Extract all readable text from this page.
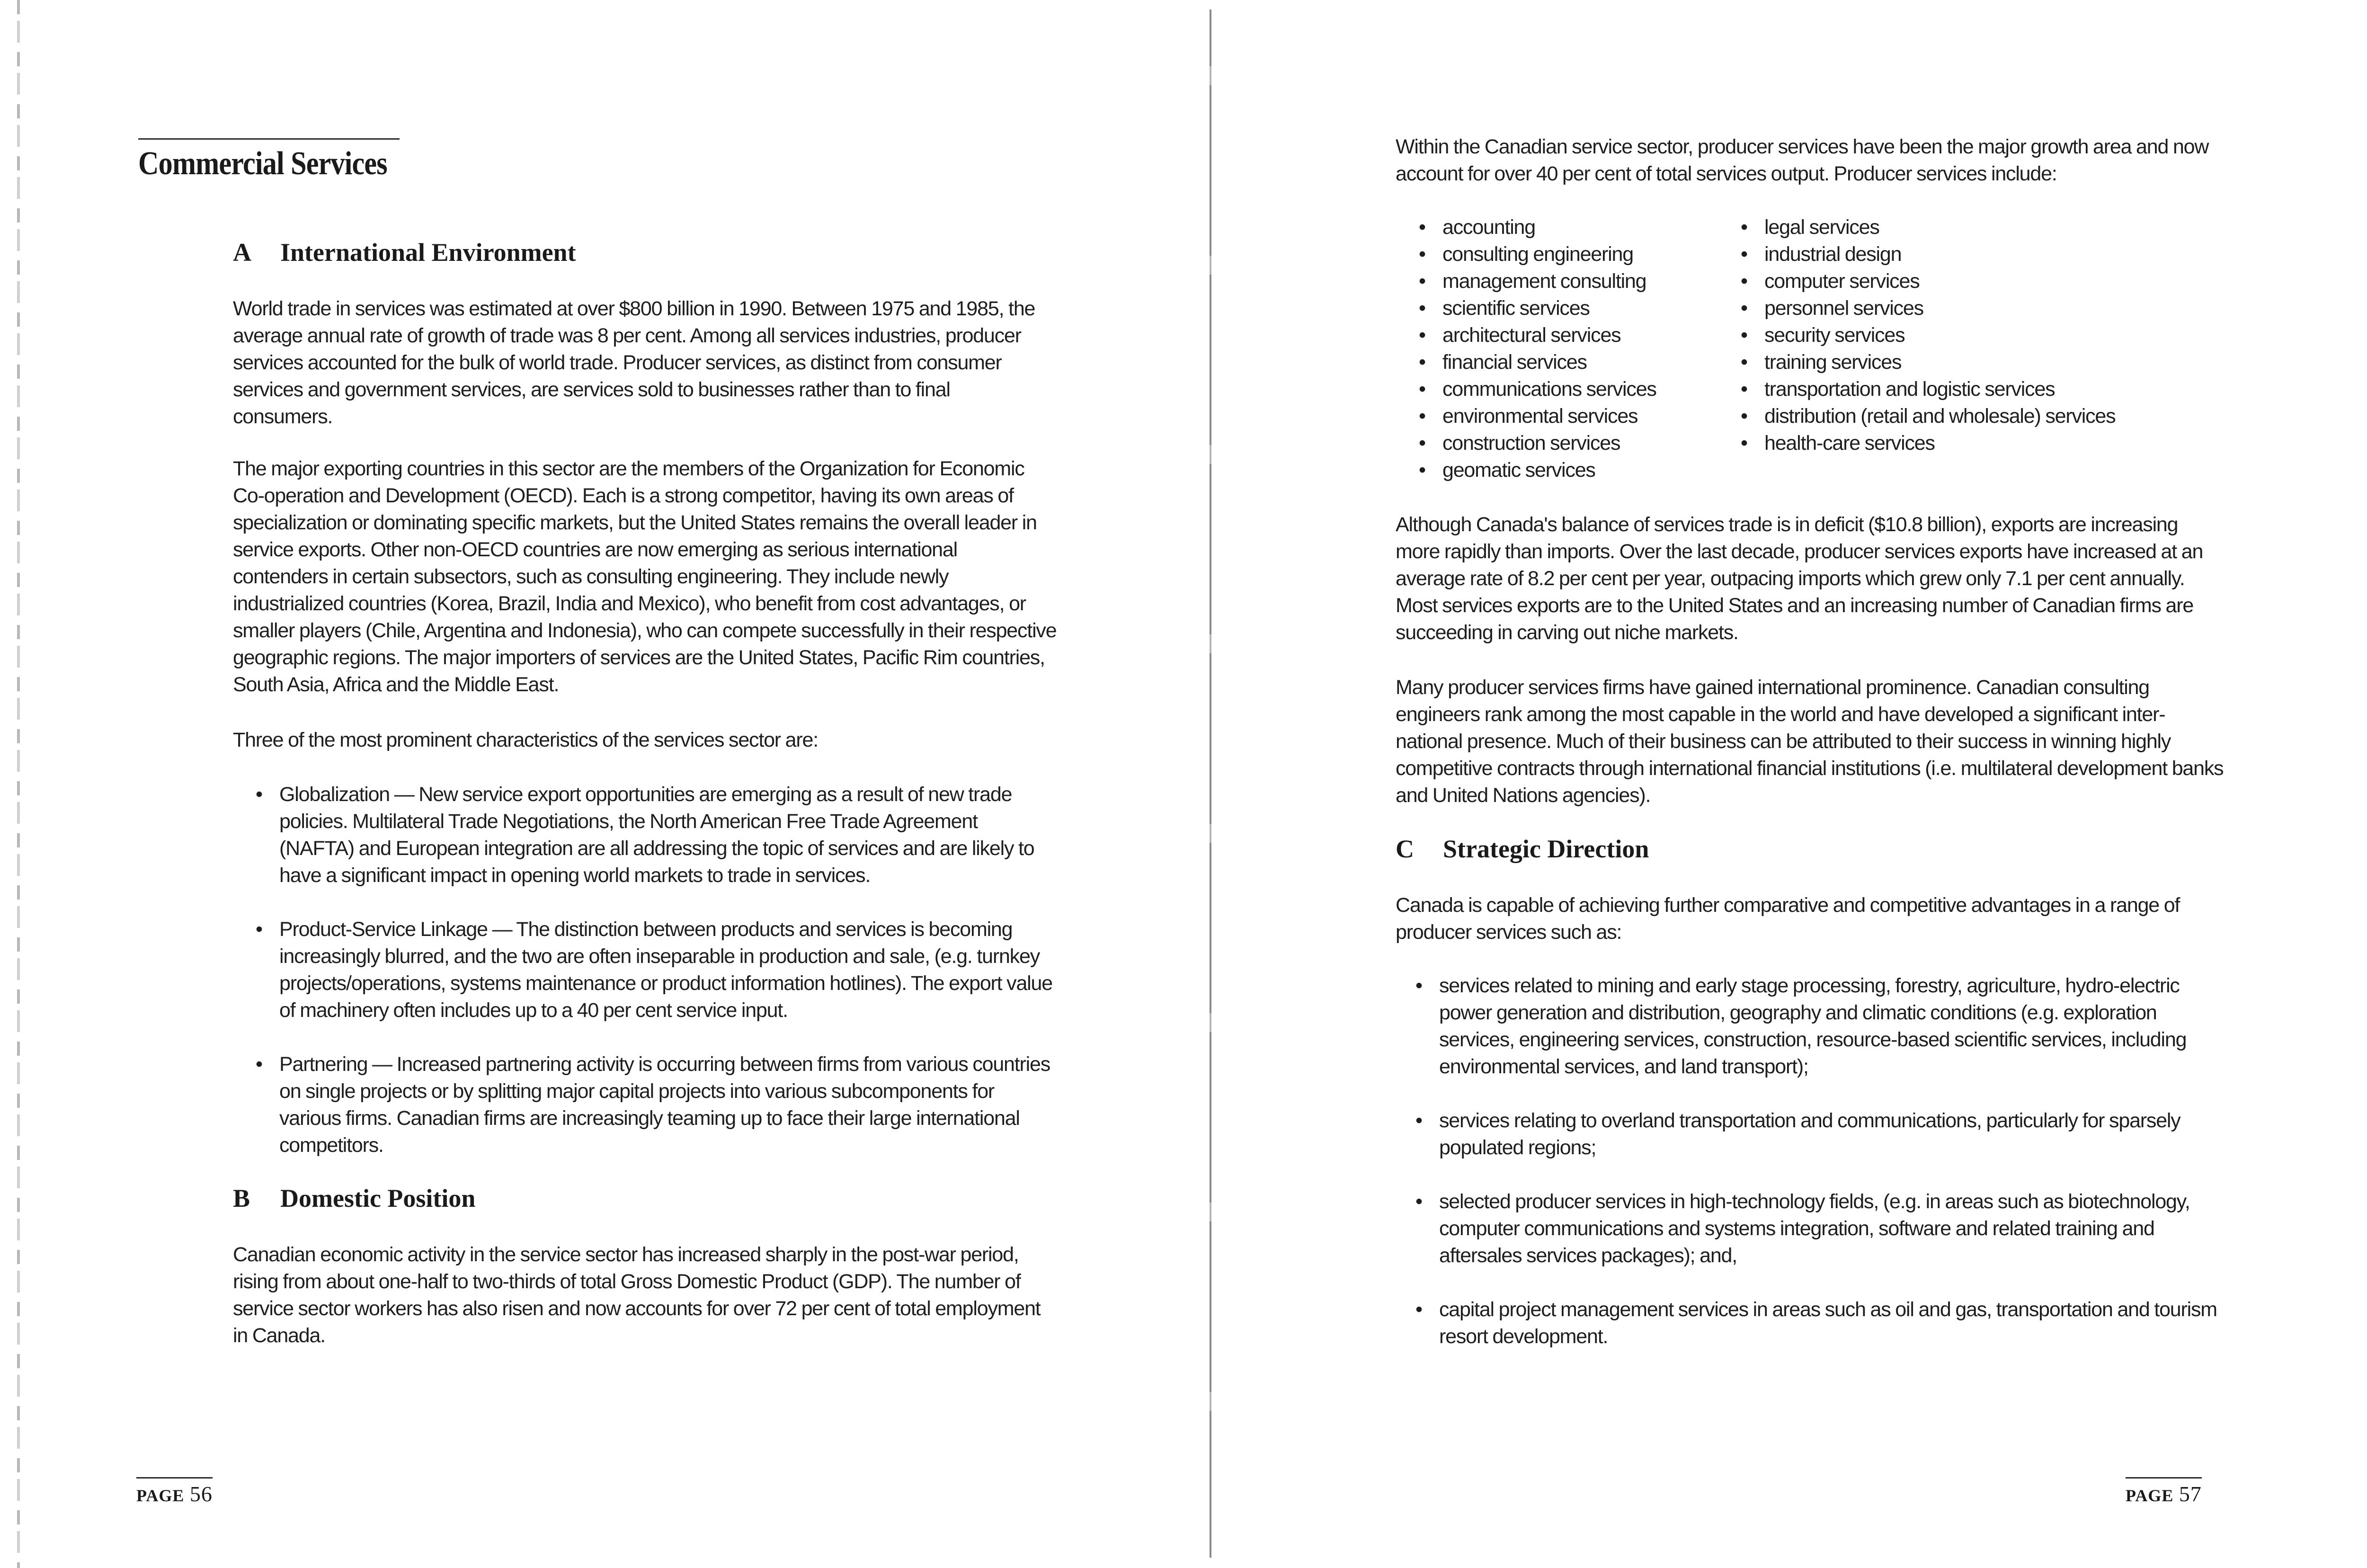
Commercial Services
A International Environment

World trade in services was estimated at over $800 billion in 1990. Between 1975 and 1985, the average annual rate of growth of trade was 8 per cent. Among all services industries, producer services accounted for the bulk of world trade. Producer services, as distinct from consumer services and government services, are services sold to businesses rather than to final consumers.

The major exporting countries in this sector are the members of the Organization for Economic Co-operation and Development (OECD). Each is a strong competitor, having its own areas of specialization or dominating specific markets, but the United States remains the overall leader in service exports. Other non-OECD countries are now emerging as serious international contenders in certain subsectors, such as consulting engineering. They include newly industrialized countries (Korea, Brazil, India and Mexico), who benefit from cost advantages, or smaller players (Chile, Argentina and Indonesia), who can compete successfully in their respective geographic regions. The major importers of services are the United States, Pacific Rim countries, South Asia, Africa and the Middle East.

Three of the most prominent characteristics of the services sector are:

• Globalization — New service export opportunities are emerging as a result of new trade policies. Multilateral Trade Negotiations, the North American Free Trade Agreement (NAFTA) and European integration are all addressing the topic of services and are likely to have a significant impact in opening world markets to trade in services.
• Product-Service Linkage — The distinction between products and services is becoming increasingly blurred, and the two are often inseparable in production and sale, (e.g. turnkey projects/operations, systems maintenance or product information hotlines). The export value of machinery often includes up to a 40 per cent service input.
• Partnering — Increased partnering activity is occurring between firms from various countries on single projects or by splitting major capital projects into various subcomponents for various firms. Canadian firms are increasingly teaming up to face their large international competitors.
B Domestic Position

Canadian economic activity in the service sector has increased sharply in the post-war period, rising from about one-half to two-thirds of total Gross Domestic Product (GDP). The number of service sector workers has also risen and now accounts for over 72 per cent of total employment in Canada.

PAGE 56

Within the Canadian service sector, producer services have been the major growth area and now account for over 40 per cent of total services output. Producer services include:

• accounting
• consulting engineering
• management consulting
• scientific services
• architectural services
• financial services
• communications services
• environmental services
• construction services
• geomatic services
• legal services
• industrial design
• computer services
• personnel services
• security services
• training services
• transportation and logistic services
• distribution (retail and wholesale) services
• health-care services

Although Canada's balance of services trade is in deficit ($10.8 billion), exports are increasing more rapidly than imports. Over the last decade, producer services exports have increased at an average rate of 8.2 per cent per year, outpacing imports which grew only 7.1 per cent annually. Most services exports are to the United States and an increasing number of Canadian firms are succeeding in carving out niche markets.

Many producer services firms have gained international prominence. Canadian consulting engineers rank among the most capable in the world and have developed a significant inter-national presence. Much of their business can be attributed to their success in winning highly competitive contracts through international financial institutions (i.e. multilateral development banks and United Nations agencies).

C Strategic Direction

Canada is capable of achieving further comparative and competitive advantages in a range of producer services such as:

• services related to mining and early stage processing, forestry, agriculture, hydro-electric power generation and distribution, geography and climatic conditions (e.g. exploration services, engineering services, construction, resource-based scientific services, including environmental services, and land transport);
• services relating to overland transportation and communications, particularly for sparsely populated regions;
• selected producer services in high-technology fields, (e.g. in areas such as biotechnology, computer communications and systems integration, software and related training and aftersales services packages); and,
• capital project management services in areas such as oil and gas, transportation and tourism resort development.
PAGE 57
